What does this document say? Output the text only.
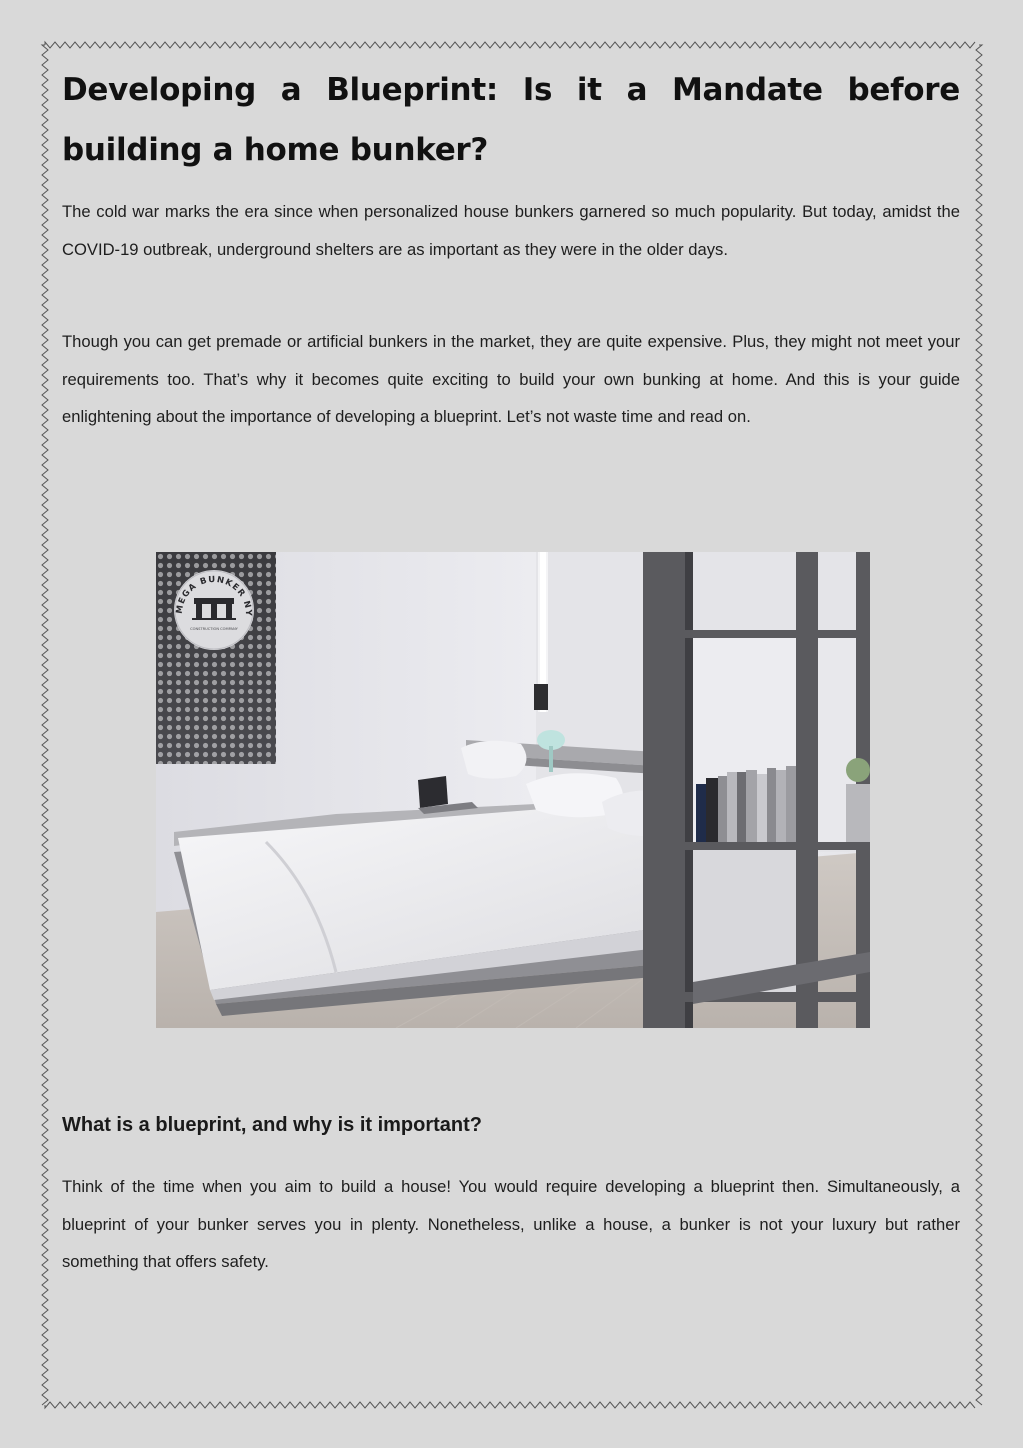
Developing a Blueprint: Is it a Mandate before building a home bunker?

The cold war marks the era since when personalized house bunkers garnered so much popularity. But today, amidst the COVID-19 outbreak, underground shelters are as important as they were in the older days.

Though you can get premade or artificial bunkers in the market, they are quite expensive. Plus, they might not meet your requirements too. That’s why it becomes quite exciting to build your own bunking at home. And this is your guide enlightening about the importance of developing a blueprint. Let’s not waste time and read on.

MEGA BUNKER NY
CONSTRUCTION COMPANY
What is a blueprint, and why is it important?

Think of the time when you aim to build a house! You would require developing a blueprint then. Simultaneously, a blueprint of your bunker serves you in plenty. Nonetheless, unlike a house, a bunker is not your luxury but rather something that offers safety.
